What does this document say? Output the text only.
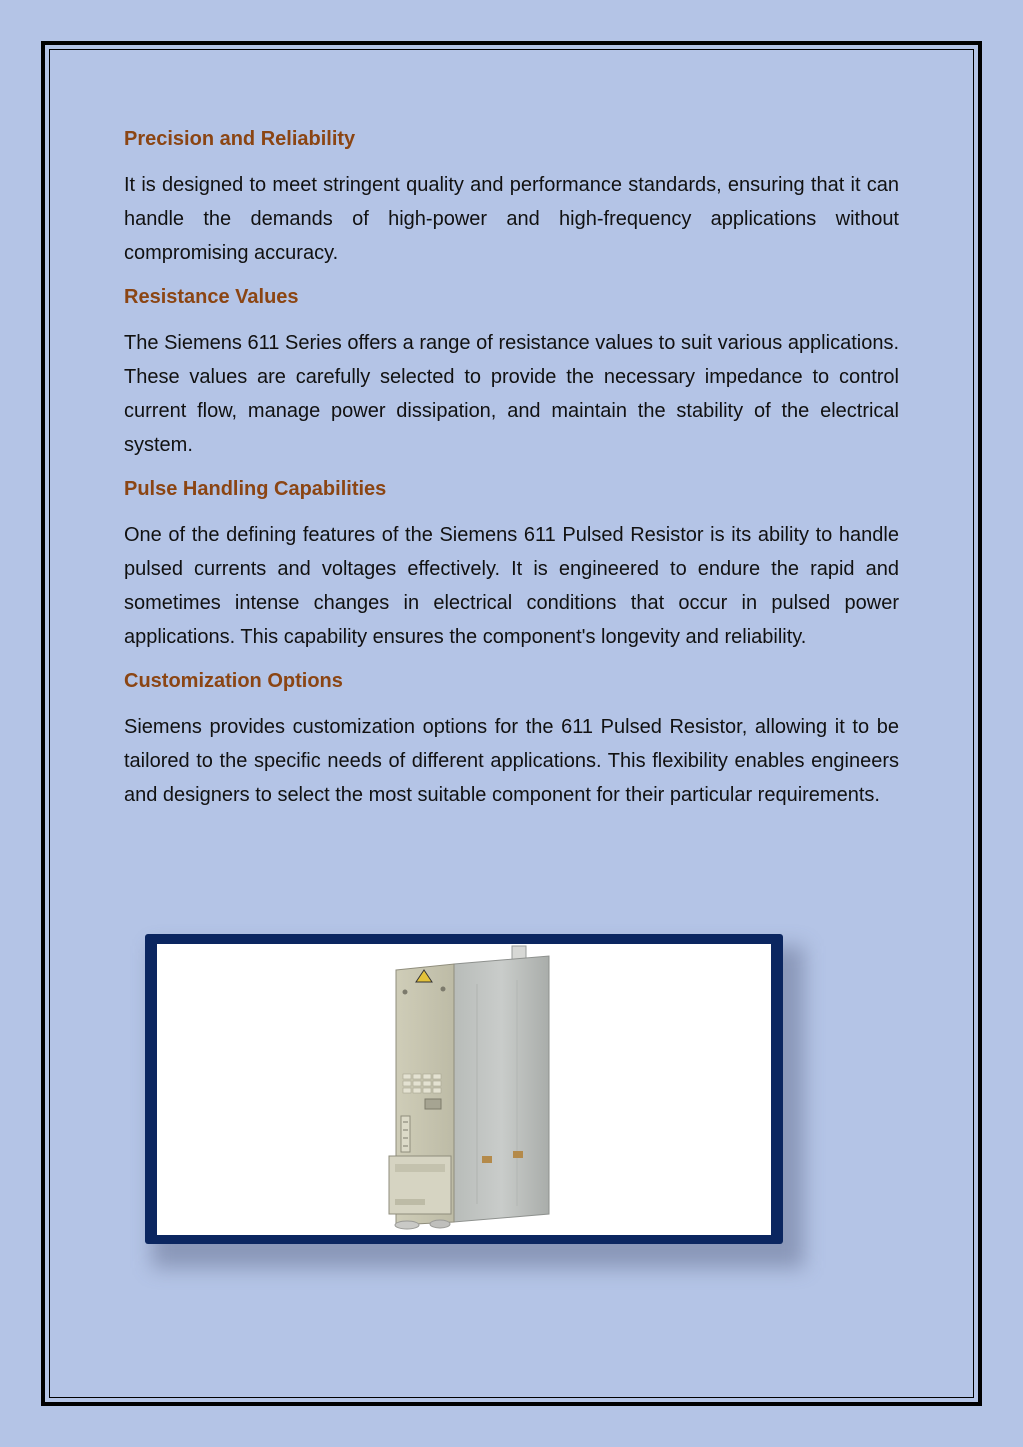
Precision and Reliability

It is designed to meet stringent quality and performance standards, ensuring that it can handle the demands of high-power and high-frequency applications without compromising accuracy.

Resistance Values

The Siemens 611 Series offers a range of resistance values to suit various applications. These values are carefully selected to provide the necessary impedance to control current flow, manage power dissipation, and maintain the stability of the electrical system.

Pulse Handling Capabilities

One of the defining features of the Siemens 611 Pulsed Resistor is its ability to handle pulsed currents and voltages effectively. It is engineered to endure the rapid and sometimes intense changes in electrical conditions that occur in pulsed power applications. This capability ensures the component's longevity and reliability.

Customization Options

Siemens provides customization options for the 611 Pulsed Resistor, allowing it to be tailored to the specific needs of different applications. This flexibility enables engineers and designers to select the most suitable component for their particular requirements.
